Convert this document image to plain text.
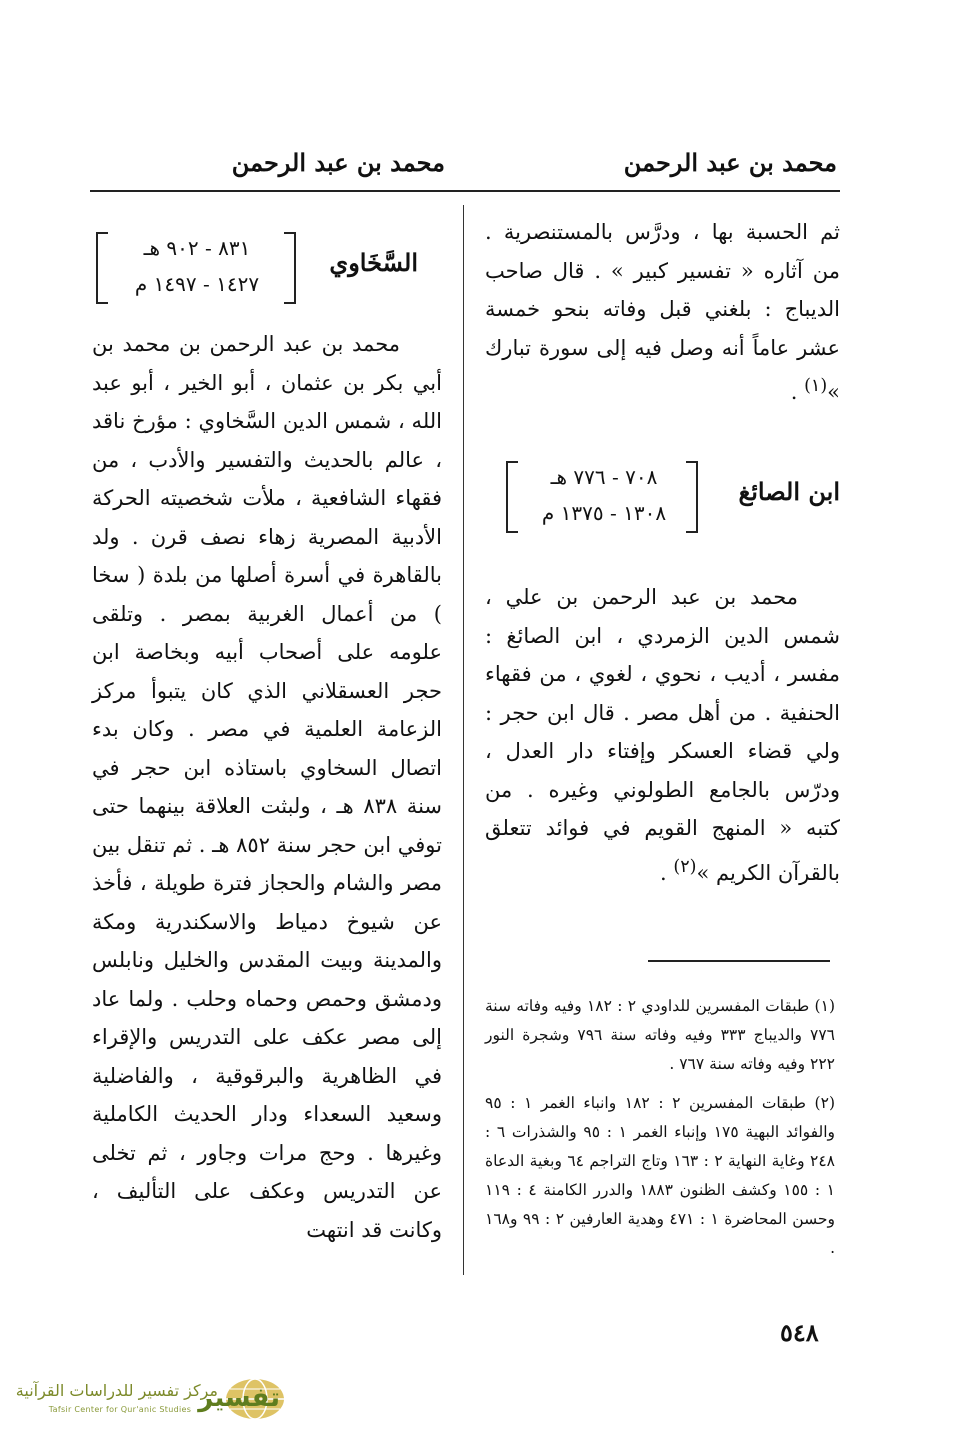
محمد بن عبد الرحمن
محمد بن عبد الرحمن

ثم الحسبة بها ، ودرَّس بالمستنصرية . من آثاره « تفسير كبير » . قال صاحب الديباج : بلغني قبل وفاته بنحو خمسة عشر عاماً أنه وصل فيه إلى سورة تبارك »$^{(١)}$ .

ابن الصائغ
٧٠٨ - ٧٧٦ هـ
١٣٠٨ - ١٣٧٥ م

محمد بن عبد الرحمن بن علي ، شمس الدين الزمردي ، ابن الصائغ : مفسر ، أديب ، نحوي ، لغوي ، من فقهاء الحنفية . من أهل مصر . قال ابن حجر : ولي قضاء العسكر وإفتاء دار العدل ، ودرّس بالجامع الطولوني وغيره . من كتبه « المنهج القويم في فوائد تتعلق بالقرآن الكريم »$^{(٢)}$ .

(١) طبقات المفسرين للداودي ٢ : ١٨٢ وفيه وفاته سنة ٧٧٦ والديباج ٣٣٣ وفيه وفاته سنة ٧٩٦ وشجرة النور ٢٢٢ وفيه وفاته سنة ٧٦٧ .

(٢) طبقات المفسرين ٢ : ١٨٢ وانباء الغمر ١ : ٩٥ والفوائد البهية ١٧٥ وإنباء الغمر ١ : ٩٥ والشذرات ٦ : ٢٤٨ وغاية النهاية ٢ : ١٦٣ وتاج التراجم ٦٤ وبغية الدعاة ١ : ١٥٥ وكشف الظنون ١٨٨٣ والدرر الكامنة ٤ : ١١٩ وحسن المحاضرة ١ : ٤٧١ وهدية العارفين ٢ : ٩٩ و١٦٨ .

السَّخَاوي
٨٣١ - ٩٠٢ هـ
١٤٢٧ - ١٤٩٧ م

محمد بن عبد الرحمن بن محمد بن أبي بكر بن عثمان ، أبو الخير ، أبو عبد الله ، شمس الدين السَّخاوي : مؤرخ ناقد ، عالم بالحديث والتفسير والأدب ، من فقهاء الشافعية ، ملأت شخصيته الحركة الأدبية المصرية زهاء نصف قرن . ولد بالقاهرة في أسرة أصلها من بلدة ( سخا ) من أعمال الغربية بمصر . وتلقى علومه على أصحاب أبيه وبخاصة ابن حجر العسقلاني الذي كان يتبوأ مركز الزعامة العلمية في مصر . وكان بدء اتصال السخاوي باستاذه ابن حجر في سنة ٨٣٨ هـ ، ولبثت العلاقة بينهما حتى توفي ابن حجر سنة ٨٥٢ هـ . ثم تنقل بين مصر والشام والحجاز فترة طويلة ، فأخذ عن شيوخ دمياط والاسكندرية ومكة والمدينة وبيت المقدس والخليل ونابلس ودمشق وحمص وحماه وحلب . ولما عاد إلى مصر عكف على التدريس والإقراء في الظاهرية والبرقوقية ، والفاضلية وسعيد السعداء ودار الحديث الكاملية وغيرها . وحج مرات وجاور ، ثم تخلى عن التدريس وعكف على التأليف ، وكانت قد انتهت

٥٤٨
تفسير
مركز تفسير للدراسات القرآنية
Tafsir Center for Qur'anic Studies
